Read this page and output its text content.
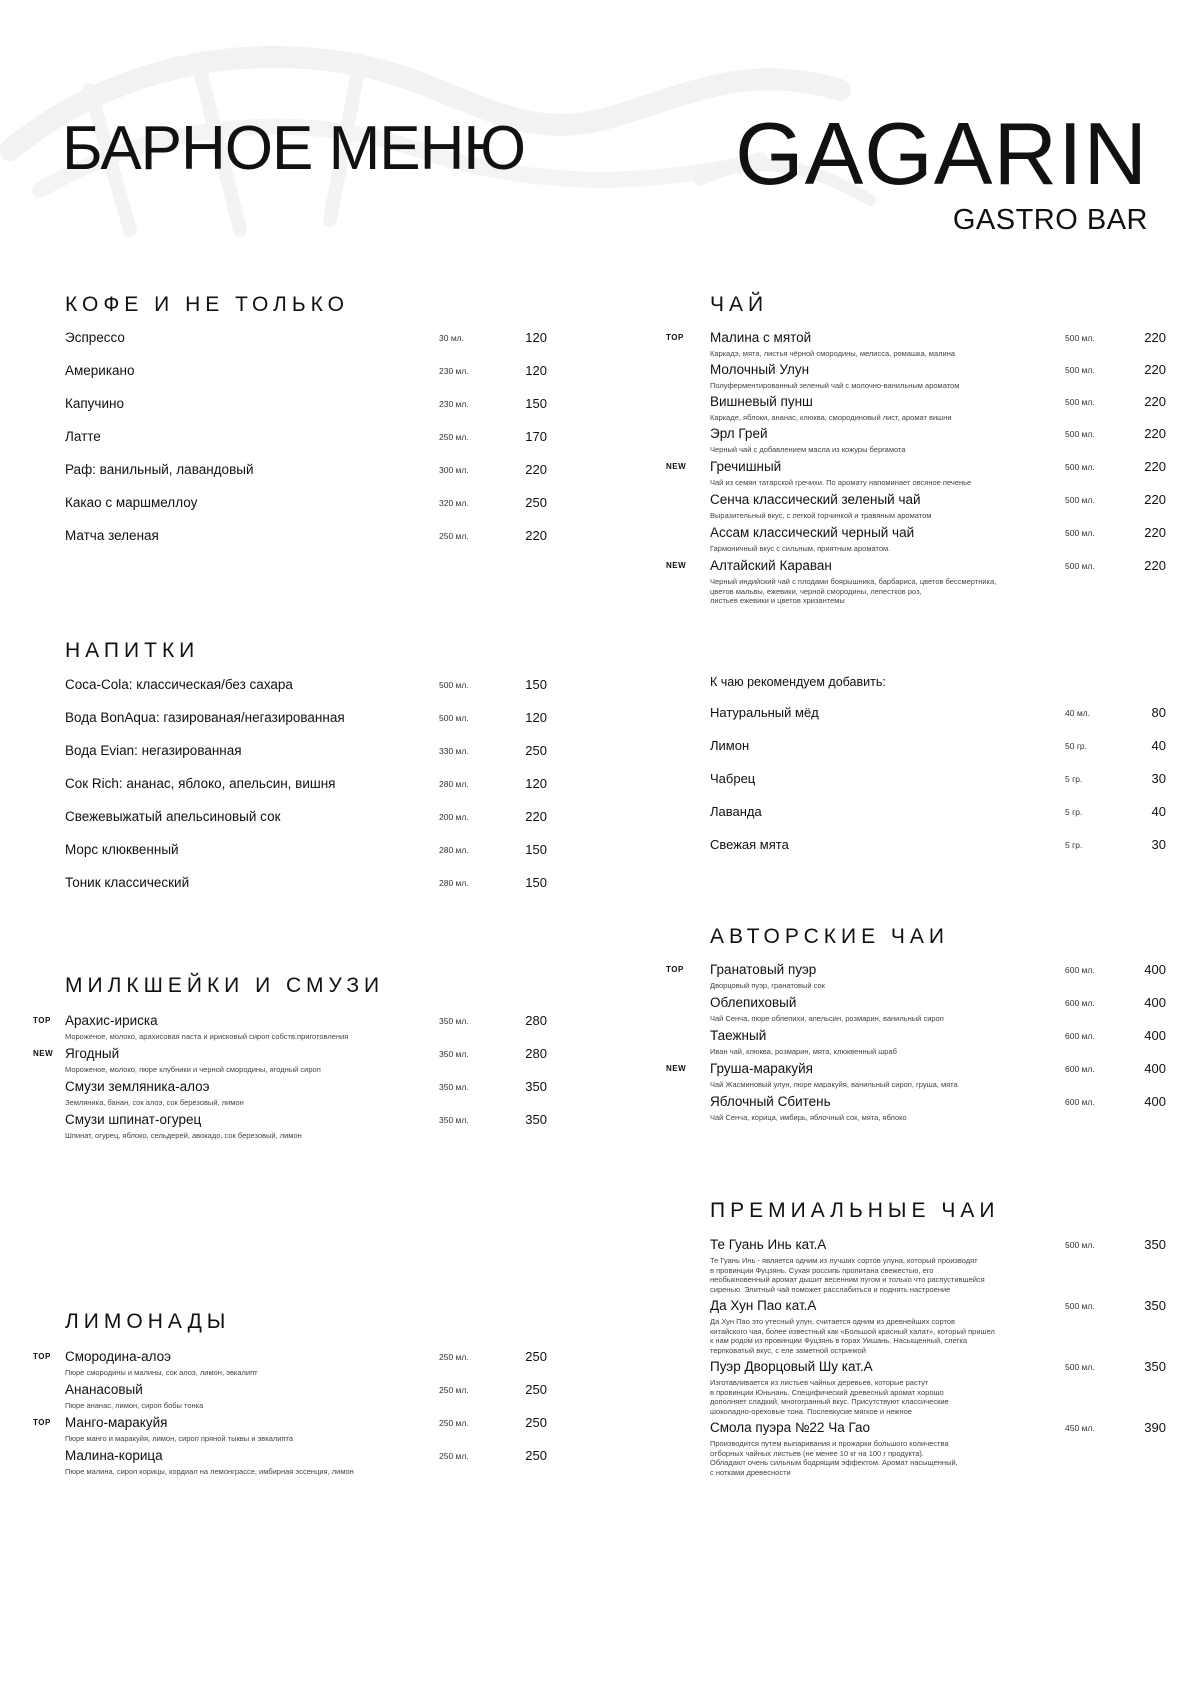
БАРНОЕ МЕНЮ GAGARIN
GASTRO BAR
КОФЕ И НЕ ТОЛЬКО
Эспрессо	30 мл.	120
Американо	230 мл.	120
Капучино	230 мл.	150
Латте	250 мл.	170
Раф: ванильный, лавандовый	300 мл.	220
Какао с маршмеллоу	320 мл.	250
Матча зеленая	250 мл.	220
НАПИТКИ
Coca-Cola: классическая/без сахара	500 мл.	150
Вода BonAqua: газированая/негазированная	500 мл.	120
Вода Evian: негазированная	330 мл.	250
Сок Rich: ананас, яблоко, апельсин, вишня	280 мл.	120
Свежевыжатый апельсиновый сок	200 мл.	220
Морс клюквенный	280 мл.	150
Тоник классический	280 мл.	150
МИЛКШЕЙКИ И СМУЗИ
TOP Арахис-ириска	350 мл.	280
Мороженое, молоко, арахисовая паста и ирисковый сироп собств.приготовления
NEW Ягодный	350 мл.	280
Мороженое, молоко, пюре клубники и черной смородины, ягодный сироп
Смузи земляника-алоэ	350 мл.	350
Земляника, банан, сок алоэ, сок березовый, лимон
Смузи шпинат-огурец	350 мл.	350
Шпинат, огурец, яблоко, сельдерей, авокадо, сок березовый, лимон
ЛИМОНАДЫ
TOP Смородина-алоэ	250 мл.	250
Пюре смородины и малины, сок алоэ, лимон, эвкалипт
Ананасовый	250 мл.	250
Пюре ананас, лимон, сироп бобы тонка
TOP Манго-маракуйя	250 мл.	250
Пюре манго и маракуйя, лимон, сироп пряной тыквы и эвкалипта
Малина-корица	250 мл.	250
Пюре малина, сироп корицы, кордиал на лемонграссе, имбирная эссенция, лимон
ЧАЙ
TOP Малина с мятой	500 мл.	220
Каркадэ, мята, листья чёрной смородины, мелисса, ромашка, малина
Молочный Улун	500 мл.	220
Полуферментированный зеленый чай с молочно-ванильным ароматом
Вишневый пунш	500 мл.	220
Каркаде, яблоки, ананас, клюква, смородиновый лист, аромат вишни
Эрл Грей	500 мл.	220
Черный чай с добавлением масла из кожуры бергамота
NEW Гречишный	500 мл.	220
Чай из семян татарской гречихи. По аромату напоминает овсяное печенье
Сенча классический зеленый чай	500 мл.	220
Выразительный вкус, с легкой горчинкой и травяным ароматом
Ассам классический черный чай	500 мл.	220
Гармоничный вкус с сильным, приятным ароматом.
NEW Алтайский Караван	500 мл.	220
Черный индийский чай с плодами боярышника, барбариса, цветов бессмертника,
цветов мальвы, ежевики, черной смородины, лепестков роз,
листьев ежевики и цветов хризантемы
К чаю рекомендуем добавить:
Натуральный мёд	40 мл.	80
Лимон	50 гр.	40
Чабрец	5 гр.	30
Лаванда	5 гр.	40
Свежая мята	5 гр.	30
АВТОРСКИЕ ЧАИ
TOP Гранатовый пуэр	600 мл.	400
Дворцовый пуэр, гранатовый сок
Облепиховый	600 мл.	400
Чай Сенча, пюре облепихи, апельсин, розмарин, ванильный сироп
Таежный	600 мл.	400
Иван чай, клюква, розмарин, мята, клюквенный шраб
NEW Груша-маракуйя	600 мл.	400
Чай Жасминовый улун, пюре маракуйя, ванильный сироп, груша, мята
Яблочный Сбитень	600 мл.	400
Чай Сенча, корица, имбирь, яблочный сок, мята, яблоко
ПРЕМИАЛЬНЫЕ ЧАИ
Те Гуань Инь кат.А	500 мл.	350
Те Гуань Инь - является одним из лучших сортов улуна, который производят
в провинции Фуцзянь. Сухая россипь пропитана свежестью, его
необыкновенный аромат дышит весенним лугом и только что распустившейся
сиренью. Элитный чай поможет расслабиться и поднять настроение
Да Хун Пао кат.А	500 мл.	350
Да Хун Пао это утесный улун, считается одним из древнейших сортов
китайского чая, более известный как «Большой красный халат», который пришел
к нам родом из провинции Фуцзянь в горах Уишань. Насыщенный, слегка
терпковатый вкус, с еле заметной остринкой
Пуэр Дворцовый Шу кат.А	500 мл.	350
Изготавливается из листьев чайных деревьев, которые растут
в провинции Юньнань. Специфический древесный аромат хорошо
дополняет сладкий, многогранный вкус. Присутствуют классические
шоколадно-ореховые тона. Послевкусие мягкое и нежное
Смола пуэра №22 Ча Гао	450 мл.	390
Производится путем выпаривания и прожарки большого количества
отборных чайных листьев (не менее 10 кг на 100 г продукта).
Обладают очень сильным бодрящим эффектом. Аромат насыщенный,
с нотками древесности
